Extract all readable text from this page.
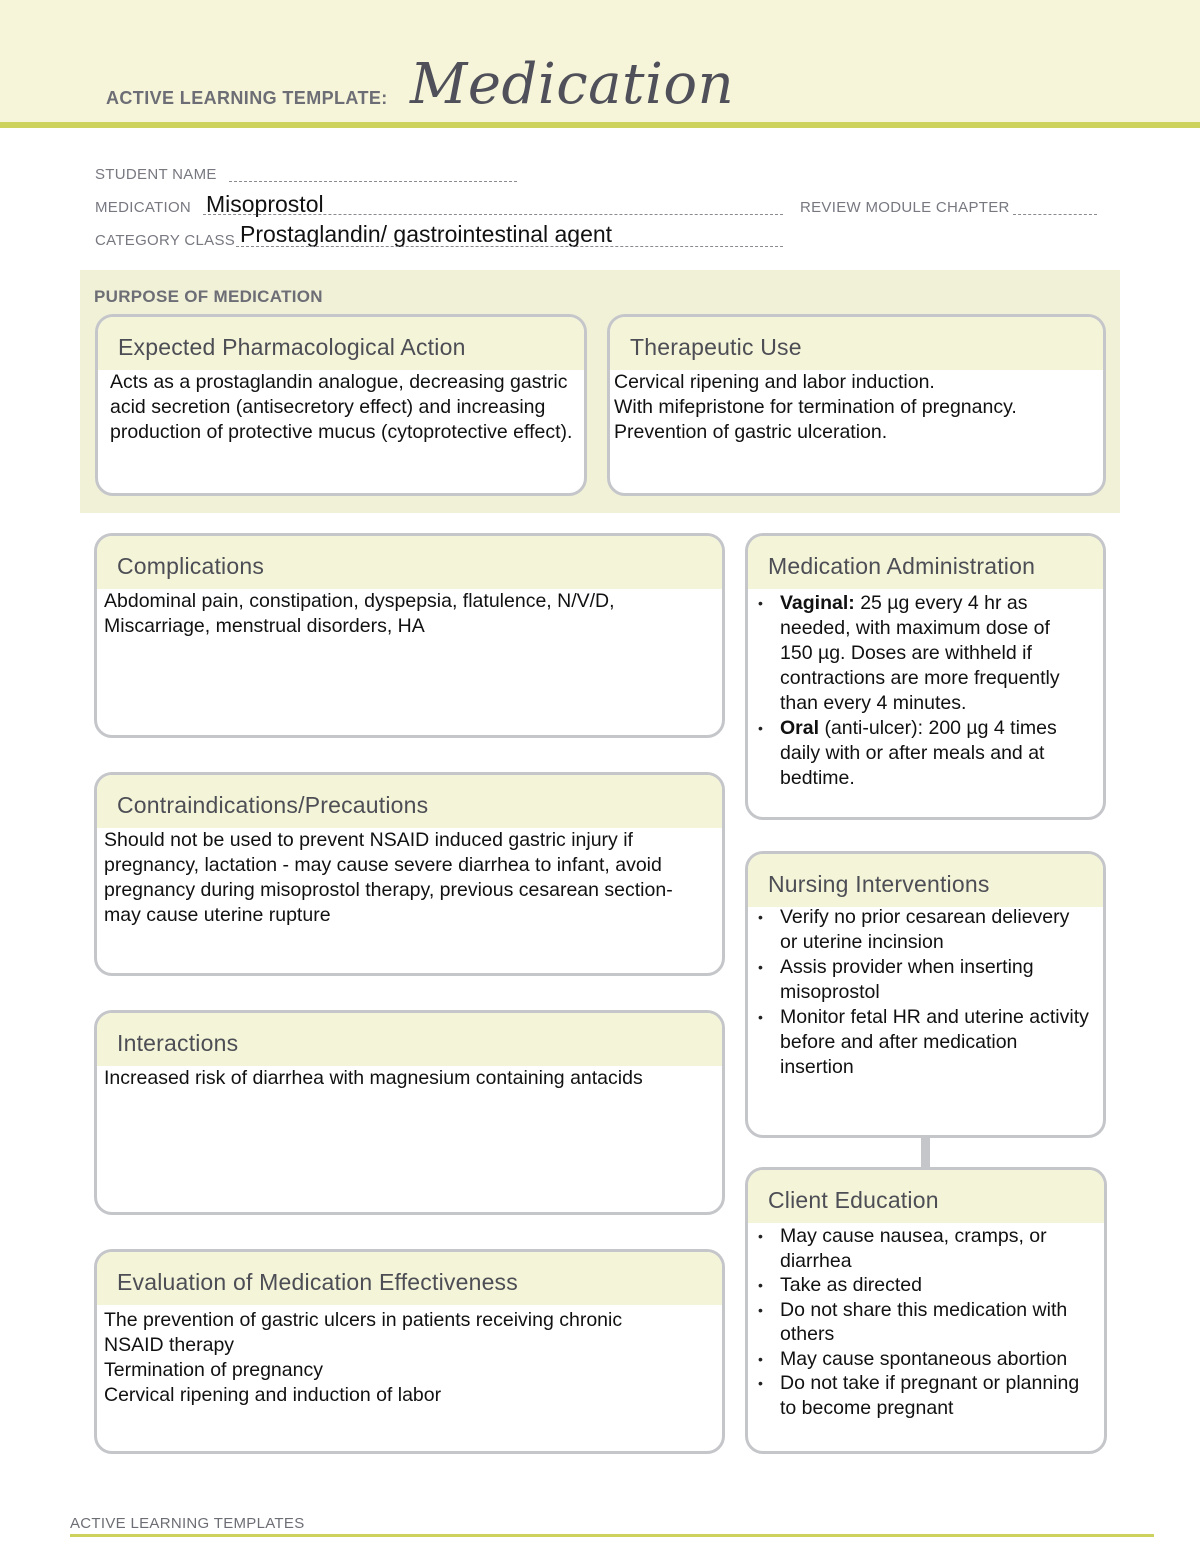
ACTIVE LEARNING TEMPLATE: Medication
STUDENT NAME
MEDICATION Misoprostol	REVIEW MODULE CHAPTER
CATEGORY CLASS Prostaglandin/ gastrointestinal agent
PURPOSE OF MEDICATION
Expected Pharmacological Action

Acts as a prostaglandin analogue, decreasing gastric acid secretion (antisecretory effect) and increasing production of protective mucus (cytoprotective effect).

Therapeutic Use

Cervical ripening and labor induction.

With mifepristone for termination of pregnancy.

Prevention of gastric ulceration.

Complications

Abdominal pain, constipation, dyspepsia, flatulence, N/V/D,

Miscarriage, menstrual disorders, HA

Contraindications/Precautions

Should not be used to prevent NSAID induced gastric injury if pregnancy, lactation - may cause severe diarrhea to infant, avoid pregnancy during misoprostol therapy, previous cesarean section- may cause uterine rupture

Interactions

Increased risk of diarrhea with magnesium containing antacids

Evaluation of Medication Effectiveness

The prevention of gastric ulcers in patients receiving chronic NSAID therapy

Termination of pregnancy

Cervical ripening and induction of labor

Medication Administration
• Vaginal: 25 µg every 4 hr as needed, with maximum dose of 150 µg. Doses are withheld if contractions are more frequently than every 4 minutes.
• Oral (anti-ulcer): 200 µg 4 times daily with or after meals and at bedtime.
Nursing Interventions
• Verify no prior cesarean delievery or uterine incinsion
• Assis provider when inserting misoprostol
• Monitor fetal HR and uterine activity before and after medication insertion
Client Education
• May cause nausea, cramps, or diarrhea
• Take as directed
• Do not share this medication with others
• May cause spontaneous abortion
• Do not take if pregnant or planning to become pregnant
ACTIVE LEARNING TEMPLATES
